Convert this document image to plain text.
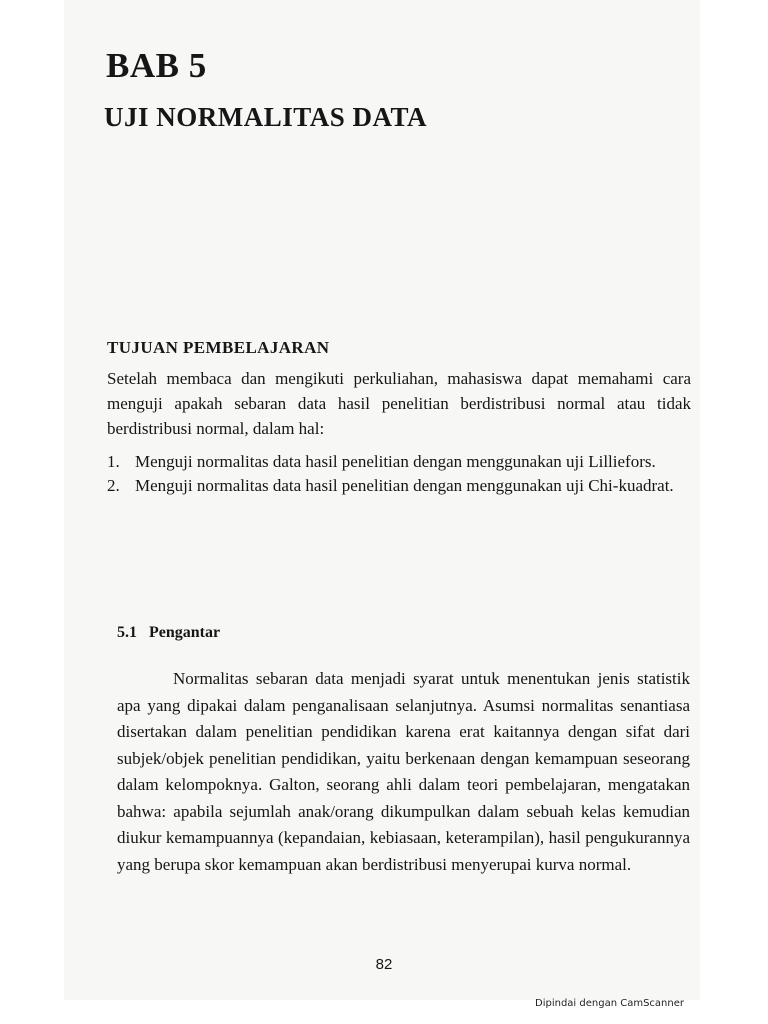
BAB 5
UJI NORMALITAS DATA
TUJUAN PEMBELAJARAN

Setelah membaca dan mengikuti perkuliahan, mahasiswa dapat memahami cara menguji apakah sebaran data hasil penelitian berdistribusi normal atau tidak berdistribusi normal, dalam hal:

1. Menguji normalitas data hasil penelitian dengan menggunakan uji Lilliefors.
2. Menguji normalitas data hasil penelitian dengan menggunakan uji Chi-kuadrat.
5.1 Pengantar

Normalitas sebaran data menjadi syarat untuk menentukan jenis statistik apa yang dipakai dalam penganalisaan selanjutnya. Asumsi normalitas senantiasa disertakan dalam penelitian pendidikan karena erat kaitannya dengan sifat dari subjek/objek penelitian pendidikan, yaitu berkenaan dengan kemampuan seseorang dalam kelompoknya. Galton, seorang ahli dalam teori pembelajaran, mengatakan bahwa: apabila sejumlah anak/orang dikumpulkan dalam sebuah kelas kemudian diukur kemampuannya (kepandaian, kebiasaan, keterampilan), hasil pengukurannya yang berupa skor kemampuan akan berdistribusi menyerupai kurva normal.

82

Dipindai dengan CamScanner
